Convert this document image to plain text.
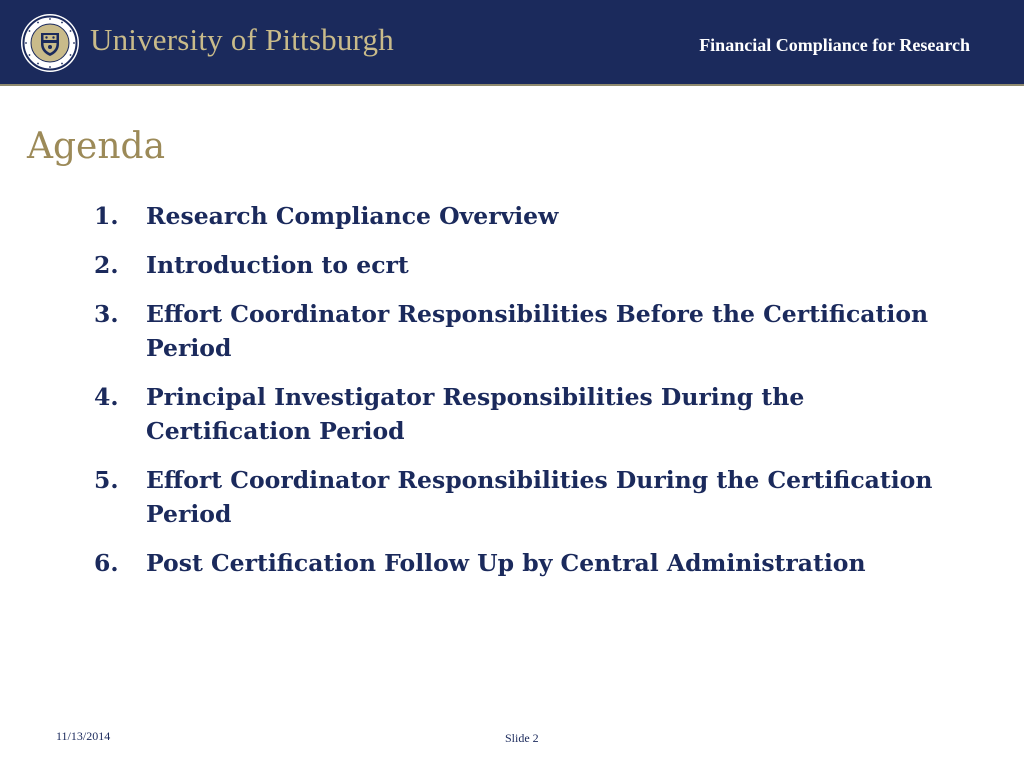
University of Pittsburgh	Financial Compliance for Research
Agenda
1.	Research Compliance Overview
2.	Introduction to ecrt
3.	Effort Coordinator Responsibilities Before the Certification Period
4.	Principal Investigator Responsibilities During the Certification Period
5.	Effort Coordinator Responsibilities During the Certification Period
6.	Post Certification Follow Up by Central Administration
11/13/2014	Slide 2
